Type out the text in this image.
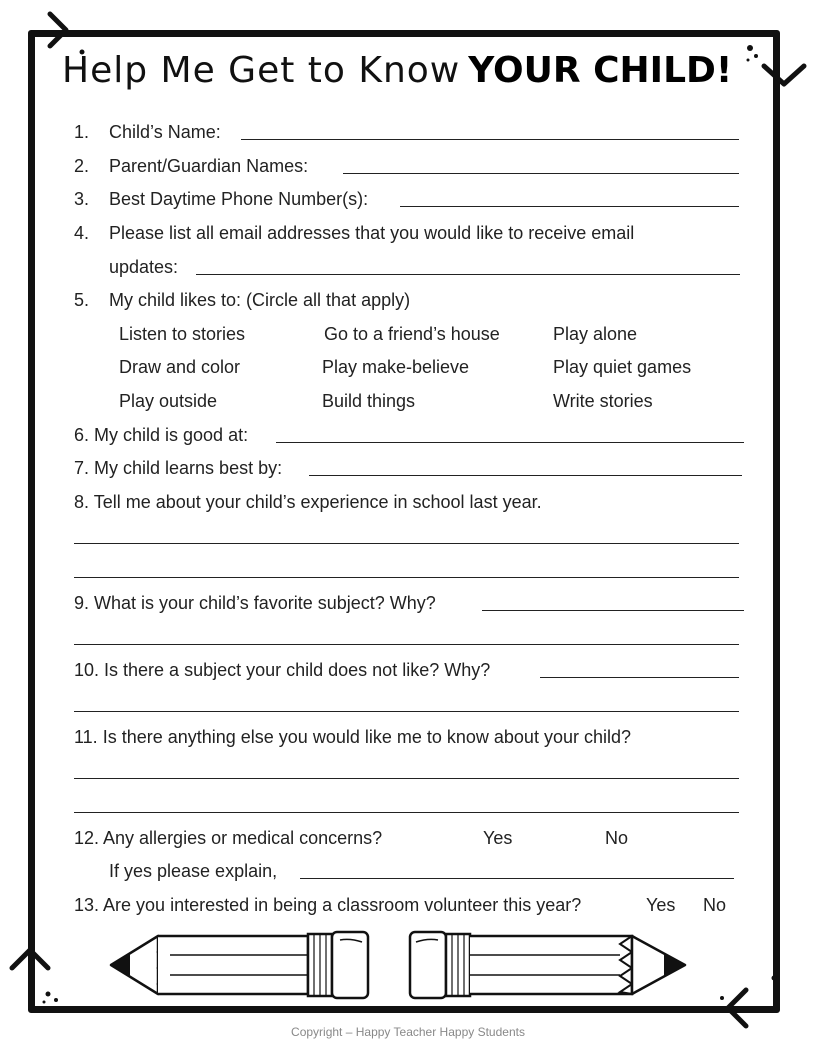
Help Me Get to Know YOUR CHILD!
1. Child’s Name:
2. Parent/Guardian Names:
3. Best Daytime Phone Number(s):
4. Please list all email addresses that you would like to receive email
updates:
5. My child likes to: (Circle all that apply)
Listen to stories	Go to a friend’s house	Play alone
Draw and color	Play make-believe	Play quiet games
Play outside	Build things	Write stories
6. My child is good at:
7. My child learns best by:
8. Tell me about your child’s experience in school last year.
9. What is your child’s favorite subject? Why?
10. Is there a subject your child does not like? Why?
11. Is there anything else you would like me to know about your child?
12. Any allergies or medical concerns?	Yes	No
If yes please explain,
13. Are you interested in being a classroom volunteer this year?	Yes No
Copyright – Happy Teacher Happy Students
